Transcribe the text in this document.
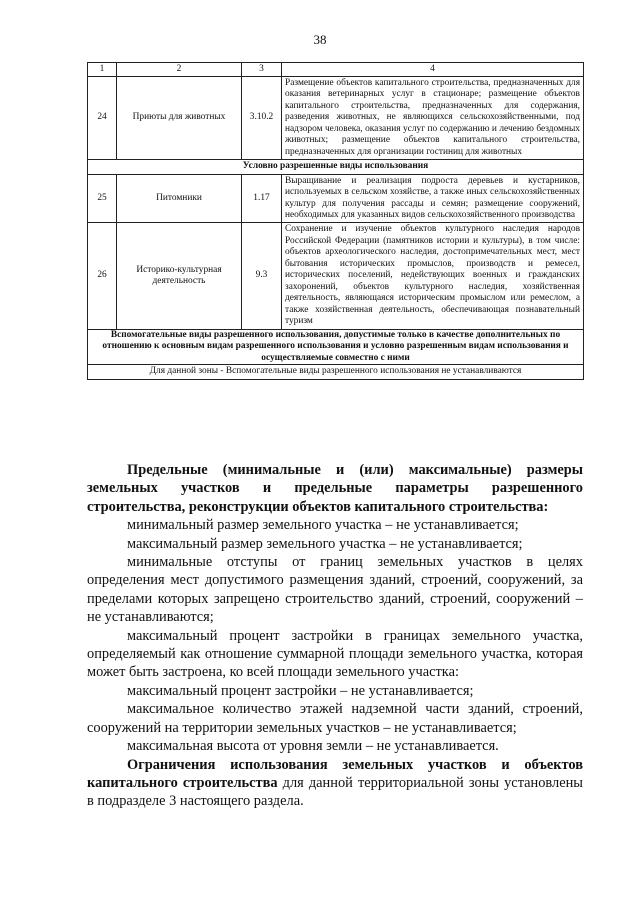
38
1	2	3	4
24	Приюты для животных	3.10.2	Размещение объектов капитального строительства, предназначенных для оказания ветеринарных услуг в стационаре; размещение объектов капитального строительства, предназначенных для содержания, разведения животных, не являющихся сельскохозяйственными, под надзором человека, оказания услуг по содержанию и лечению бездомных животных; размещение объектов капитального строительства, предназначенных для организации гостиниц для животных
Условно разрешенные виды использования			
25	Питомники	1.17	Выращивание и реализация подроста деревьев и кустарников, используемых в сельском хозяйстве, а также иных сельскохозяйственных культур для получения рассады и семян; размещение сооружений, необходимых для указанных видов сельскохозяйственного производства
26	Историко-культурная деятельность	9.3	Сохранение и изучение объектов культурного наследия народов Российской Федерации (памятников истории и культуры), в том числе: объектов археологического наследия, достопримечательных мест, мест бытования исторических промыслов, производств и ремесел, исторических поселений, недействующих военных и гражданских захоронений, объектов культурного наследия, хозяйственная деятельность, являющаяся историческим промыслом или ремеслом, а также хозяйственная деятельность, обеспечивающая познавательный туризм
Вспомогательные виды разрешенного использования, допустимые только в качестве дополнительных по отношению к основным видам разрешенного использования и условно разрешенным видам использования и осуществляемые совместно с ними			
Для данной зоны - Вспомогательные виды разрешенного использования не устанавливаются			

Предельные (минимальные и (или) максимальные) размеры земельных участков и предельные параметры разрешенного строительства, реконструкции объектов капитального строительства:

минимальный размер земельного участка – не устанавливается;

максимальный размер земельного участка – не устанавливается;

минимальные отступы от границ земельных участков в целях определения мест допустимого размещения зданий, строений, сооружений, за пределами которых запрещено строительство зданий, строений, сооружений – не устанавливаются;

максимальный процент застройки в границах земельного участка, определяемый как отношение суммарной площади земельного участка, которая может быть застроена, ко всей площади земельного участка:

максимальный процент застройки – не устанавливается;

максимальное количество этажей надземной части зданий, строений, сооружений на территории земельных участков – не устанавливается;

максимальная высота от уровня земли – не устанавливается.

Ограничения использования земельных участков и объектов капитального строительства для данной территориальной зоны установлены в подразделе 3 настоящего раздела.
